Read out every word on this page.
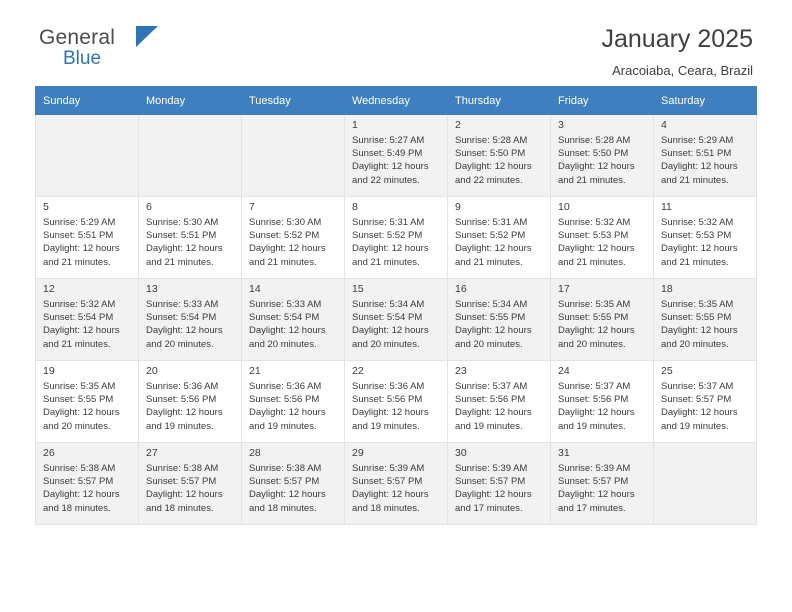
General
Blue
January 2025
Aracoiaba, Ceara, Brazil
Sunday	Monday	Tuesday	Wednesday	Thursday	Friday	Saturday

			1
Sunrise: 5:27 AM
Sunset: 5:49 PM
Daylight: 12 hours
and 22 minutes.	2
Sunrise: 5:28 AM
Sunset: 5:50 PM
Daylight: 12 hours
and 22 minutes.	3
Sunrise: 5:28 AM
Sunset: 5:50 PM
Daylight: 12 hours
and 21 minutes.	4
Sunrise: 5:29 AM
Sunset: 5:51 PM
Daylight: 12 hours
and 21 minutes.

5
Sunrise: 5:29 AM
Sunset: 5:51 PM
Daylight: 12 hours
and 21 minutes.	6
Sunrise: 5:30 AM
Sunset: 5:51 PM
Daylight: 12 hours
and 21 minutes.	7
Sunrise: 5:30 AM
Sunset: 5:52 PM
Daylight: 12 hours
and 21 minutes.	8
Sunrise: 5:31 AM
Sunset: 5:52 PM
Daylight: 12 hours
and 21 minutes.	9
Sunrise: 5:31 AM
Sunset: 5:52 PM
Daylight: 12 hours
and 21 minutes.	10
Sunrise: 5:32 AM
Sunset: 5:53 PM
Daylight: 12 hours
and 21 minutes.	11
Sunrise: 5:32 AM
Sunset: 5:53 PM
Daylight: 12 hours
and 21 minutes.

12
Sunrise: 5:32 AM
Sunset: 5:54 PM
Daylight: 12 hours
and 21 minutes.	13
Sunrise: 5:33 AM
Sunset: 5:54 PM
Daylight: 12 hours
and 20 minutes.	14
Sunrise: 5:33 AM
Sunset: 5:54 PM
Daylight: 12 hours
and 20 minutes.	15
Sunrise: 5:34 AM
Sunset: 5:54 PM
Daylight: 12 hours
and 20 minutes.	16
Sunrise: 5:34 AM
Sunset: 5:55 PM
Daylight: 12 hours
and 20 minutes.	17
Sunrise: 5:35 AM
Sunset: 5:55 PM
Daylight: 12 hours
and 20 minutes.	18
Sunrise: 5:35 AM
Sunset: 5:55 PM
Daylight: 12 hours
and 20 minutes.

19
Sunrise: 5:35 AM
Sunset: 5:55 PM
Daylight: 12 hours
and 20 minutes.	20
Sunrise: 5:36 AM
Sunset: 5:56 PM
Daylight: 12 hours
and 19 minutes.	21
Sunrise: 5:36 AM
Sunset: 5:56 PM
Daylight: 12 hours
and 19 minutes.	22
Sunrise: 5:36 AM
Sunset: 5:56 PM
Daylight: 12 hours
and 19 minutes.	23
Sunrise: 5:37 AM
Sunset: 5:56 PM
Daylight: 12 hours
and 19 minutes.	24
Sunrise: 5:37 AM
Sunset: 5:56 PM
Daylight: 12 hours
and 19 minutes.	25
Sunrise: 5:37 AM
Sunset: 5:57 PM
Daylight: 12 hours
and 19 minutes.

26
Sunrise: 5:38 AM
Sunset: 5:57 PM
Daylight: 12 hours
and 18 minutes.	27
Sunrise: 5:38 AM
Sunset: 5:57 PM
Daylight: 12 hours
and 18 minutes.	28
Sunrise: 5:38 AM
Sunset: 5:57 PM
Daylight: 12 hours
and 18 minutes.	29
Sunrise: 5:39 AM
Sunset: 5:57 PM
Daylight: 12 hours
and 18 minutes.	30
Sunrise: 5:39 AM
Sunset: 5:57 PM
Daylight: 12 hours
and 17 minutes.	31
Sunrise: 5:39 AM
Sunset: 5:57 PM
Daylight: 12 hours
and 17 minutes.	
